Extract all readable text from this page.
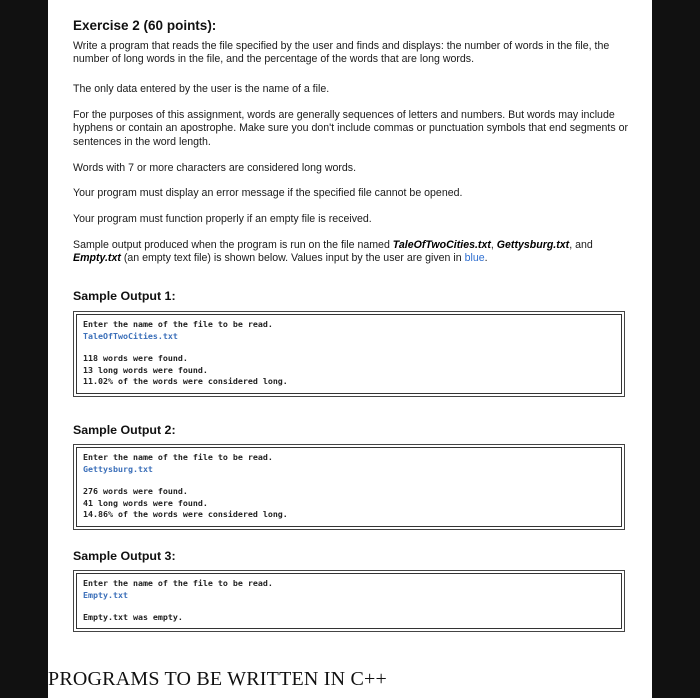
Exercise 2 (60 points):

Write a program that reads the file specified by the user and finds and displays: the number of words in the file, the number of long words in the file, and the percentage of the words that are long words.

The only data entered by the user is the name of a file.

For the purposes of this assignment, words are generally sequences of letters and numbers. But words may include hyphens or contain an apostrophe. Make sure you don't include commas or punctuation symbols that end segments or sentences in the word length.

Words with 7 or more characters are considered long words.

Your program must display an error message if the specified file cannot be opened.

Your program must function properly if an empty file is received.

Sample output produced when the program is run on the file named TaleOfTwoCities.txt, Gettysburg.txt, and Empty.txt (an empty text file) is shown below. Values input by the user are given in blue.

Sample Output 1:
Enter the name of the file to be read.
TaleOfTwoCities.txt
118 words were found.
13 long words were found.
11.02% of the words were considered long.
Sample Output 2:
Enter the name of the file to be read.
Gettysburg.txt
276 words were found.
41 long words were found.
14.86% of the words were considered long.
Sample Output 3:
Enter the name of the file to be read.
Empty.txt
Empty.txt was empty.
PROGRAMS TO BE WRITTEN IN C++
